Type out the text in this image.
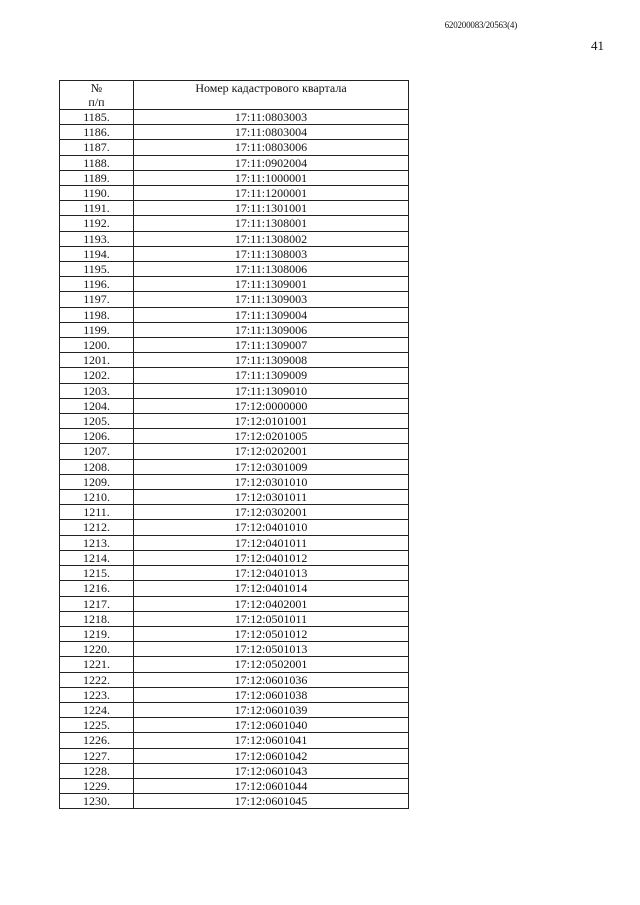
620200083/20563(4)
41
№
п/п	Номер кадастрового квартала
1185.	17:11:0803003
1186.	17:11:0803004
1187.	17:11:0803006
1188.	17:11:0902004
1189.	17:11:1000001
1190.	17:11:1200001
1191.	17:11:1301001
1192.	17:11:1308001
1193.	17:11:1308002
1194.	17:11:1308003
1195.	17:11:1308006
1196.	17:11:1309001
1197.	17:11:1309003
1198.	17:11:1309004
1199.	17:11:1309006
1200.	17:11:1309007
1201.	17:11:1309008
1202.	17:11:1309009
1203.	17:11:1309010
1204.	17:12:0000000
1205.	17:12:0101001
1206.	17:12:0201005
1207.	17:12:0202001
1208.	17:12:0301009
1209.	17:12:0301010
1210.	17:12:0301011
1211.	17:12:0302001
1212.	17:12:0401010
1213.	17:12:0401011
1214.	17:12:0401012
1215.	17:12:0401013
1216.	17:12:0401014
1217.	17:12:0402001
1218.	17:12:0501011
1219.	17:12:0501012
1220.	17:12:0501013
1221.	17:12:0502001
1222.	17:12:0601036
1223.	17:12:0601038
1224.	17:12:0601039
1225.	17:12:0601040
1226.	17:12:0601041
1227.	17:12:0601042
1228.	17:12:0601043
1229.	17:12:0601044
1230.	17:12:0601045
